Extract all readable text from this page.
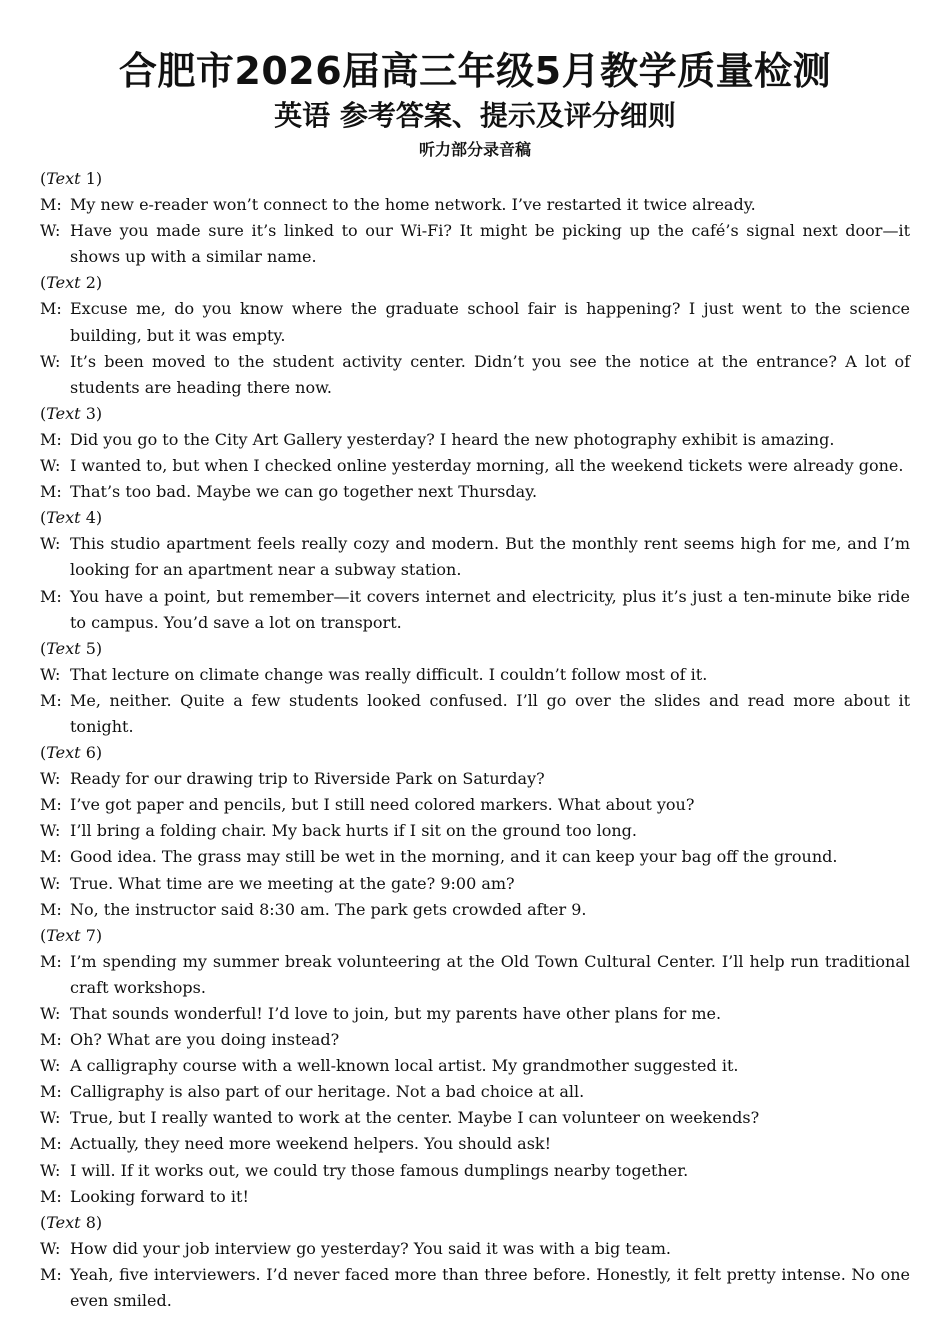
合肥市2026届高三年级5月教学质量检测
英语 参考答案、提示及评分细则
听力部分录音稿
(Text 1)
M: My new e-reader won’t connect to the home network. I’ve restarted it twice already.
W: Have you made sure it’s linked to our Wi-Fi? It might be picking up the café’s signal next door—it shows up with a similar name.
(Text 2)
M: Excuse me, do you know where the graduate school fair is happening? I just went to the science building, but it was empty.
W: It’s been moved to the student activity center. Didn’t you see the notice at the entrance? A lot of students are heading there now.
(Text 3)
M: Did you go to the City Art Gallery yesterday? I heard the new photography exhibit is amazing.
W: I wanted to, but when I checked online yesterday morning, all the weekend tickets were already gone.
M: That’s too bad. Maybe we can go together next Thursday.
(Text 4)
W: This studio apartment feels really cozy and modern. But the monthly rent seems high for me, and I’m looking for an apartment near a subway station.
M: You have a point, but remember—it covers internet and electricity, plus it’s just a ten-minute bike ride to campus. You’d save a lot on transport.
(Text 5)
W: That lecture on climate change was really difficult. I couldn’t follow most of it.
M: Me, neither. Quite a few students looked confused. I’ll go over the slides and read more about it tonight.
(Text 6)
W: Ready for our drawing trip to Riverside Park on Saturday?
M: I’ve got paper and pencils, but I still need colored markers. What about you?
W: I’ll bring a folding chair. My back hurts if I sit on the ground too long.
M: Good idea. The grass may still be wet in the morning, and it can keep your bag off the ground.
W: True. What time are we meeting at the gate? 9:00 am?
M: No, the instructor said 8:30 am. The park gets crowded after 9.
(Text 7)
M: I’m spending my summer break volunteering at the Old Town Cultural Center. I’ll help run traditional craft workshops.
W: That sounds wonderful! I’d love to join, but my parents have other plans for me.
M: Oh? What are you doing instead?
W: A calligraphy course with a well-known local artist. My grandmother suggested it.
M: Calligraphy is also part of our heritage. Not a bad choice at all.
W: True, but I really wanted to work at the center. Maybe I can volunteer on weekends?
M: Actually, they need more weekend helpers. You should ask!
W: I will. If it works out, we could try those famous dumplings nearby together.
M: Looking forward to it!
(Text 8)
W: How did your job interview go yesterday? You said it was with a big team.
M: Yeah, five interviewers. I’d never faced more than three before. Honestly, it felt pretty intense. No one even smiled.
